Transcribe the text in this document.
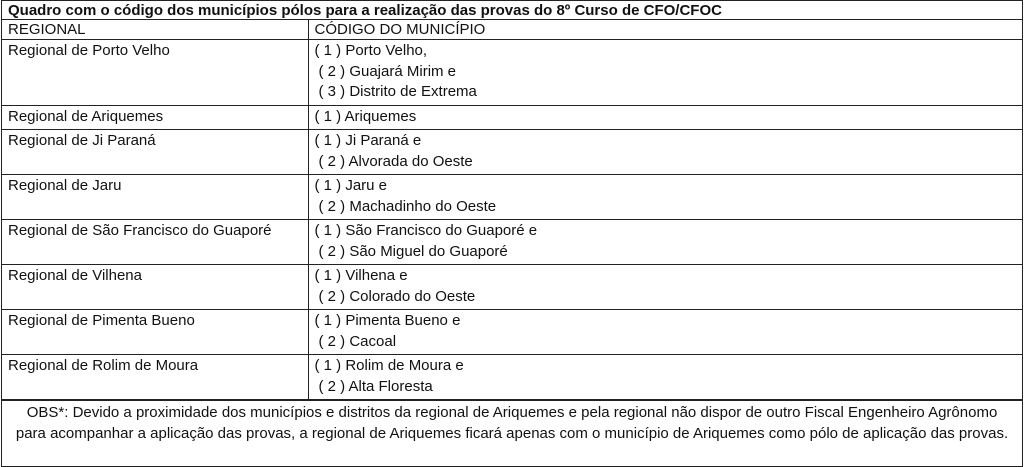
Quadro com o código dos municípios pólos para a realização das provas do 8º Curso de CFO/CFOC
REGIONAL	CÓDIGO DO MUNICÍPIO
Regional de Porto Velho	( 1 ) Porto Velho,
( 2 ) Guajará Mirim e
( 3 ) Distrito de Extrema

Regional de Ariquemes	( 1 ) Ariquemes

Regional de Ji Paraná	( 1 ) Ji Paraná e
( 2 ) Alvorada do Oeste

Regional de Jaru	( 1 ) Jaru e
( 2 ) Machadinho do Oeste

Regional de São Francisco do Guaporé	( 1 ) São Francisco do Guaporé e
( 2 ) São Miguel do Guaporé

Regional de Vilhena	( 1 ) Vilhena e
( 2 ) Colorado do Oeste

Regional de Pimenta Bueno	( 1 ) Pimenta Bueno e
( 2 ) Cacoal

Regional de Rolim de Moura	( 1 ) Rolim de Moura e
( 2 ) Alta Floresta
OBS*: Devido a proximidade dos municípios e distritos da regional de Ariquemes e pela regional não dispor de outro Fiscal Engenheiro Agrônomo para acompanhar a aplicação das provas, a regional de Ariquemes ficará apenas com o município de Ariquemes como pólo de aplicação das provas.
